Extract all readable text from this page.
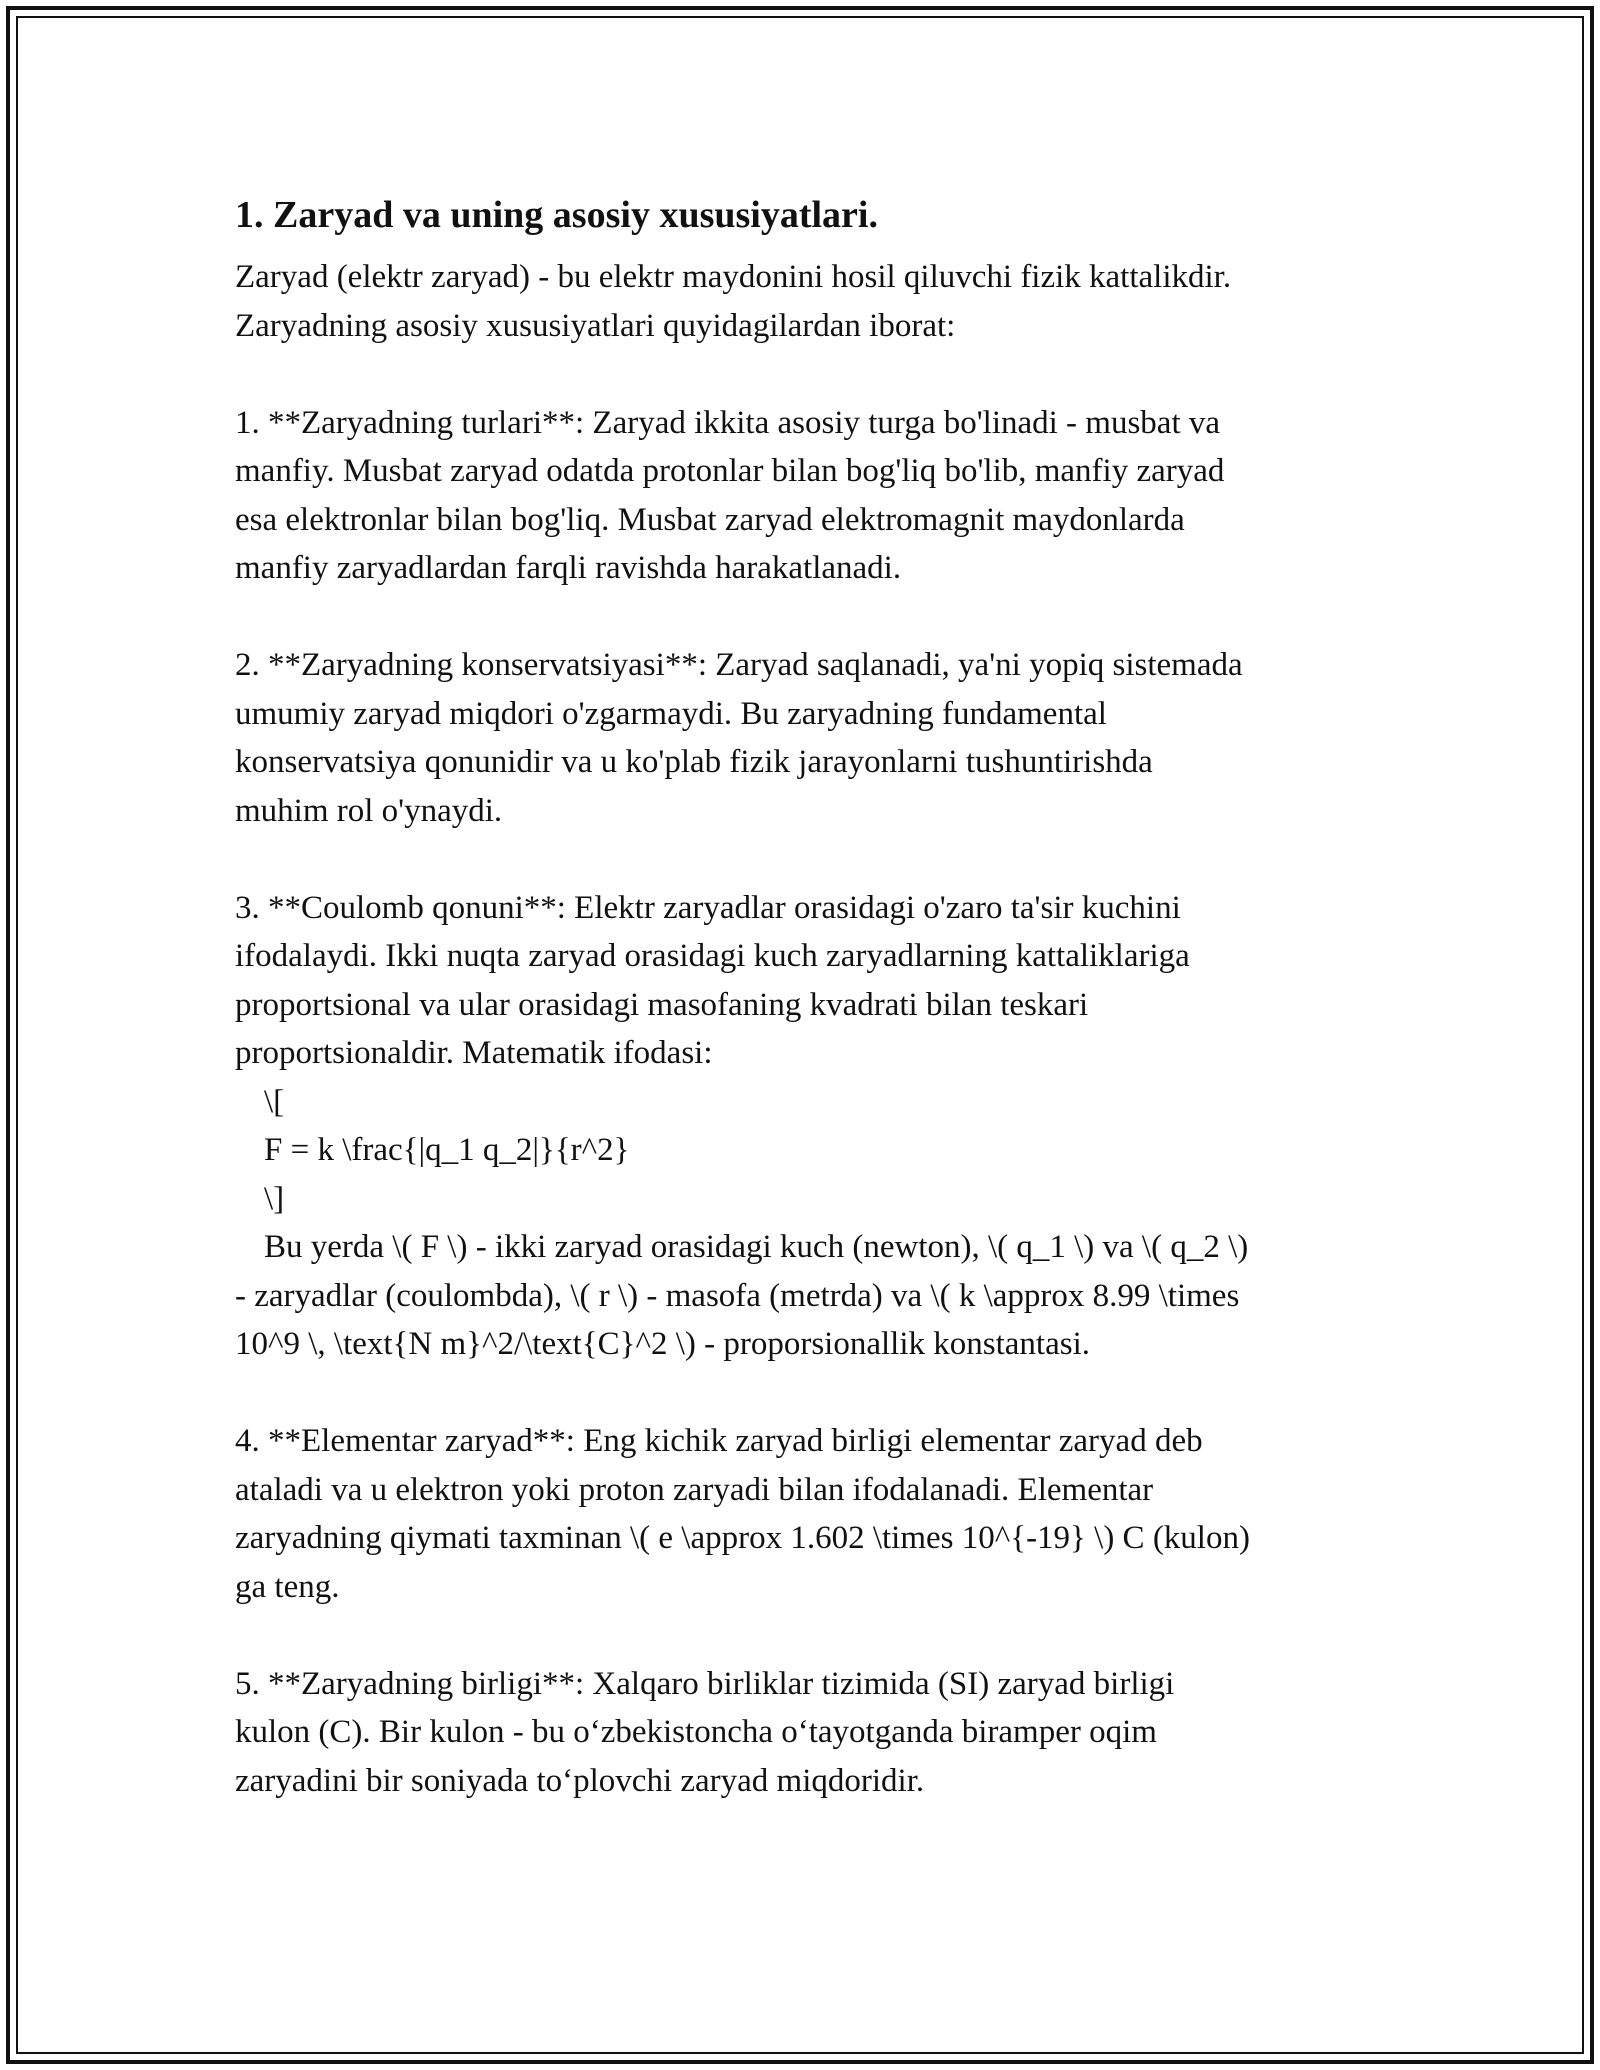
1. Zaryad va uning asosiy xususiyatlari.

Zaryad (elektr zaryad) - bu elektr maydonini hosil qiluvchi fizik kattalikdir.
Zaryadning asosiy xususiyatlari quyidagilardan iborat:

1. **Zaryadning turlari**: Zaryad ikkita asosiy turga bo'linadi - musbat va
manfiy. Musbat zaryad odatda protonlar bilan bog'liq bo'lib, manfiy zaryad
esa elektronlar bilan bog'liq. Musbat zaryad elektromagnit maydonlarda
manfiy zaryadlardan farqli ravishda harakatlanadi.

2. **Zaryadning konservatsiyasi**: Zaryad saqlanadi, ya'ni yopiq sistemada
umumiy zaryad miqdori o'zgarmaydi. Bu zaryadning fundamental
konservatsiya qonunidir va u ko'plab fizik jarayonlarni tushuntirishda
muhim rol o'ynaydi.

3. **Coulomb qonuni**: Elektr zaryadlar orasidagi o'zaro ta'sir kuchini
ifodalaydi. Ikki nuqta zaryad orasidagi kuch zaryadlarning kattaliklariga
proportsional va ular orasidagi masofaning kvadrati bilan teskari
proportsionaldir. Matematik ifodasi:
\[
F = k \frac{|q_1 q_2|}{r^2}
\]
Bu yerda \( F \) - ikki zaryad orasidagi kuch (newton), \( q_1 \) va \( q_2 \)
- zaryadlar (coulombda), \( r \) - masofa (metrda) va \( k \approx 8.99 \times
10^9 \, \text{N m}^2/\text{C}^2 \) - proporsionallik konstantasi.

4. **Elementar zaryad**: Eng kichik zaryad birligi elementar zaryad deb
ataladi va u elektron yoki proton zaryadi bilan ifodalanadi. Elementar
zaryadning qiymati taxminan \( e \approx 1.602 \times 10^{-19} \) C (kulon)
ga teng.

5. **Zaryadning birligi**: Xalqaro birliklar tizimida (SI) zaryad birligi
kulon (C). Bir kulon - bu o‘zbekistoncha o‘tayotganda biramper oqim
zaryadini bir soniyada to‘plovchi zaryad miqdoridir.
